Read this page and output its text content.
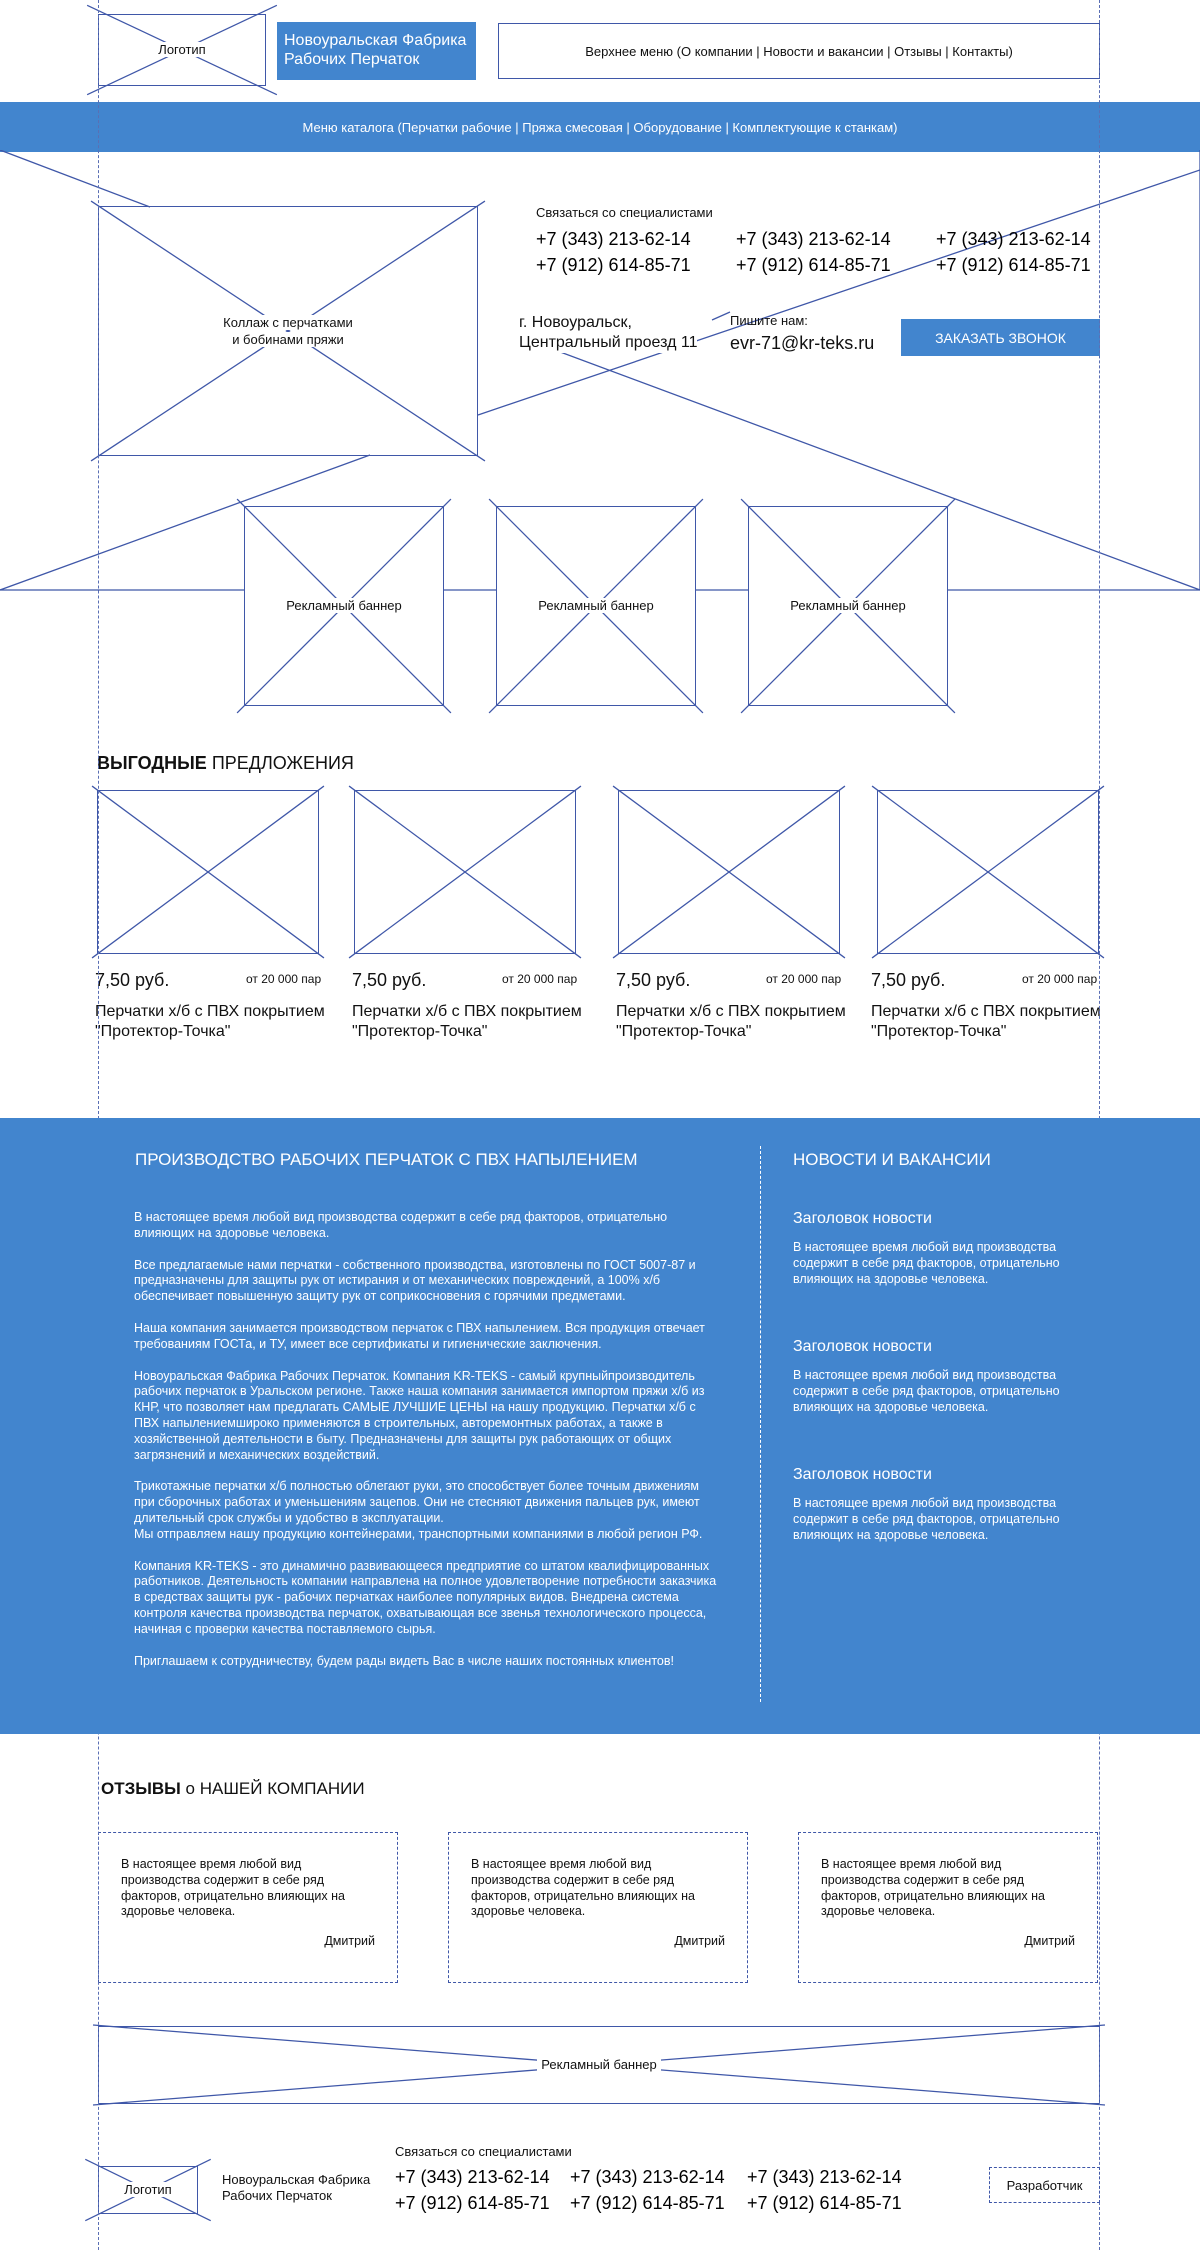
Логотип
Новоуральская Фабрика
Рабочих Перчаток	Верхнее меню (О компании | Новости и вакансии | Отзывы | Контакты)
Меню каталога (Перчатки рабочие | Пряжа смесовая | Оборудование | Комплектующие к станкам)
Коллаж с перчатками
и бобинами пряжи
Связаться со специалистами
+7 (343) 213-62-14
+7 (912) 614-85-71
+7 (343) 213-62-14
+7 (912) 614-85-71
+7 (343) 213-62-14
+7 (912) 614-85-71
г. Новоуральск,
Центральный проезд 11
Пишите нам:
evr-71@kr-teks.ru	ЗАКАЗАТЬ ЗВОНОК
Рекламный баннер	Рекламный баннер	Рекламный баннер
ВЫГОДНЫЕ ПРЕДЛОЖЕНИЯ
7,50 руб.	от 20 000 пар
Перчатки х/б с ПВХ покрытием
"Протектор-Точка"
7,50 руб.	от 20 000 пар
Перчатки х/б с ПВХ покрытием
"Протектор-Точка"
7,50 руб.	от 20 000 пар
Перчатки х/б с ПВХ покрытием
"Протектор-Точка"
7,50 руб.	от 20 000 пар
Перчатки х/б с ПВХ покрытием
"Протектор-Точка"
ПРОИЗВОДСТВО РАБОЧИХ ПЕРЧАТОК С ПВХ НАПЫЛЕНИЕМ

В настоящее время любой вид производства содержит в себе ряд факторов, отрицательно влияющих на здоровье человека.

Все предлагаемые нами перчатки - собственного производства, изготовлены по ГОСТ 5007-87 и предназначены для защиты рук от истирания и от механических повреждений, а 100% х/б обеспечивает повышенную защиту рук от соприкосновения с горячими предметами.

Наша компания занимается производством перчаток с ПВХ напылением. Вся продукция отвечает требованиям ГОСТа, и ТУ, имеет все сертификаты и гигиенические заключения.

Новоуральская Фабрика Рабочих Перчаток. Компания KR-TEKS - самый крупныйпроизводитель рабочих перчаток в Уральском регионе. Также наша компания занимается импортом пряжи х/б из КНР, что позволяет нам предлагать САМЫЕ ЛУЧШИЕ ЦЕНЫ на нашу продукцию. Перчатки х/б с ПВХ напылениемшироко применяются в строительных, авторемонтных работах, а также в хозяйственной деятельности в быту. Предназначены для защиты рук работающих от общих загрязнений и механических воздействий.

Трикотажные перчатки х/б полностью облегают руки, это способствует более точным движениям при сборочных работах и уменьшениям зацепов. Они не стесняют движения пальцев рук, имеют длительный срок службы и удобство в эксплуатации.

Мы отправляем нашу продукцию контейнерами, транспортными компаниями в любой регион РФ.

Компания KR-TEKS - это динамично развивающееся предприятие со штатом квалифицированных работников. Деятельность компании направлена на полное удовлетворение потребности заказчика в средствах защиты рук - рабочих перчатках наиболее популярных видов. Внедрена система контроля качества производства перчаток, охватывающая все звенья технологического процесса, начиная с проверки качества поставляемого сырья.

Приглашаем к сотрудничеству, будем рады видеть Вас в числе наших постоянных клиентов!

НОВОСТИ И ВАКАНСИИ
Заголовок новости
В настоящее время любой вид производства содержит в себе ряд факторов, отрицательно влияющих на здоровье человека.
Заголовок новости
В настоящее время любой вид производства содержит в себе ряд факторов, отрицательно влияющих на здоровье человека.
Заголовок новости
В настоящее время любой вид производства содержит в себе ряд факторов, отрицательно влияющих на здоровье человека.
ОТЗЫВЫ о НАШЕЙ КОМПАНИИ
В настоящее время любой вид производства содержит в себе ряд факторов, отрицательно влияющих на здоровье человека.
Дмитрий
В настоящее время любой вид производства содержит в себе ряд факторов, отрицательно влияющих на здоровье человека.
Дмитрий
В настоящее время любой вид производства содержит в себе ряд факторов, отрицательно влияющих на здоровье человека.
Дмитрий
Рекламный баннер
Логотип
Новоуральская Фабрика
Рабочих Перчаток
Связаться со специалистами
+7 (343) 213-62-14
+7 (912) 614-85-71
+7 (343) 213-62-14
+7 (912) 614-85-71
+7 (343) 213-62-14
+7 (912) 614-85-71
Разработчик
